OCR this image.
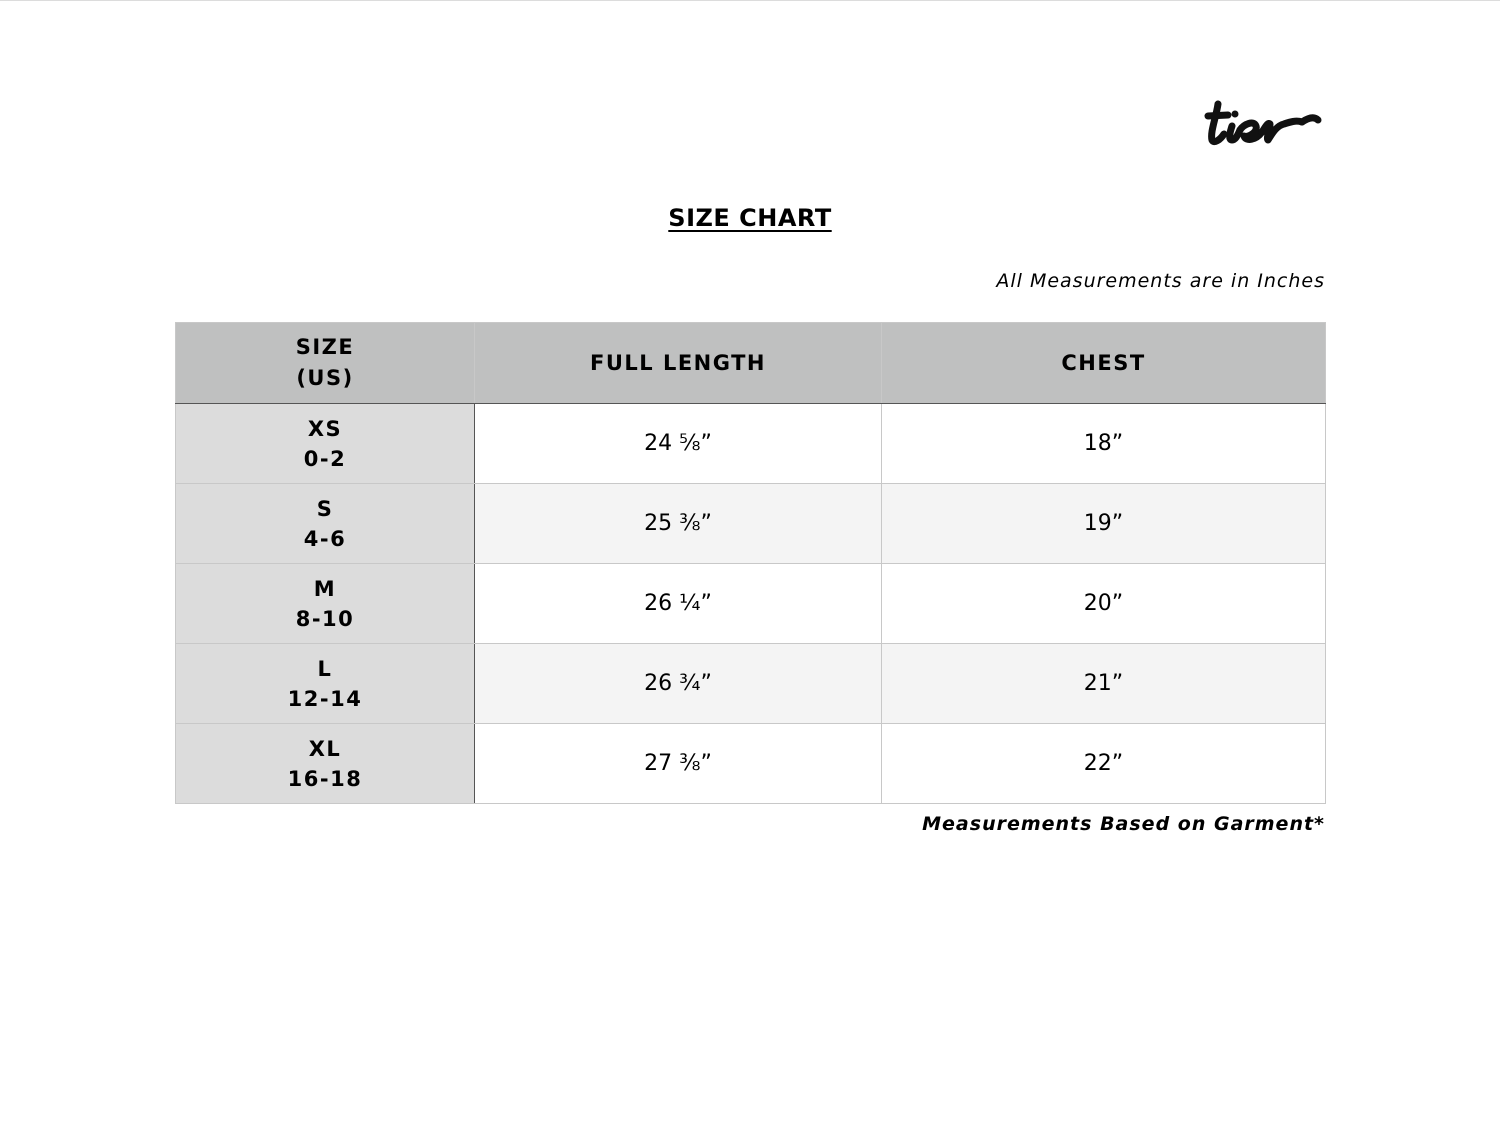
SIZE CHART
All Measurements are in Inches
SIZE
(US)	FULL LENGTH	CHEST

XS
0-2	24 ⅝”	18”

S
4-6	25 ⅜”	19”

M
8-10	26 ¼”	20”

L
12-14	26 ¾”	21”

XL
16-18	27 ⅜”	22”
Measurements Based on Garment*
